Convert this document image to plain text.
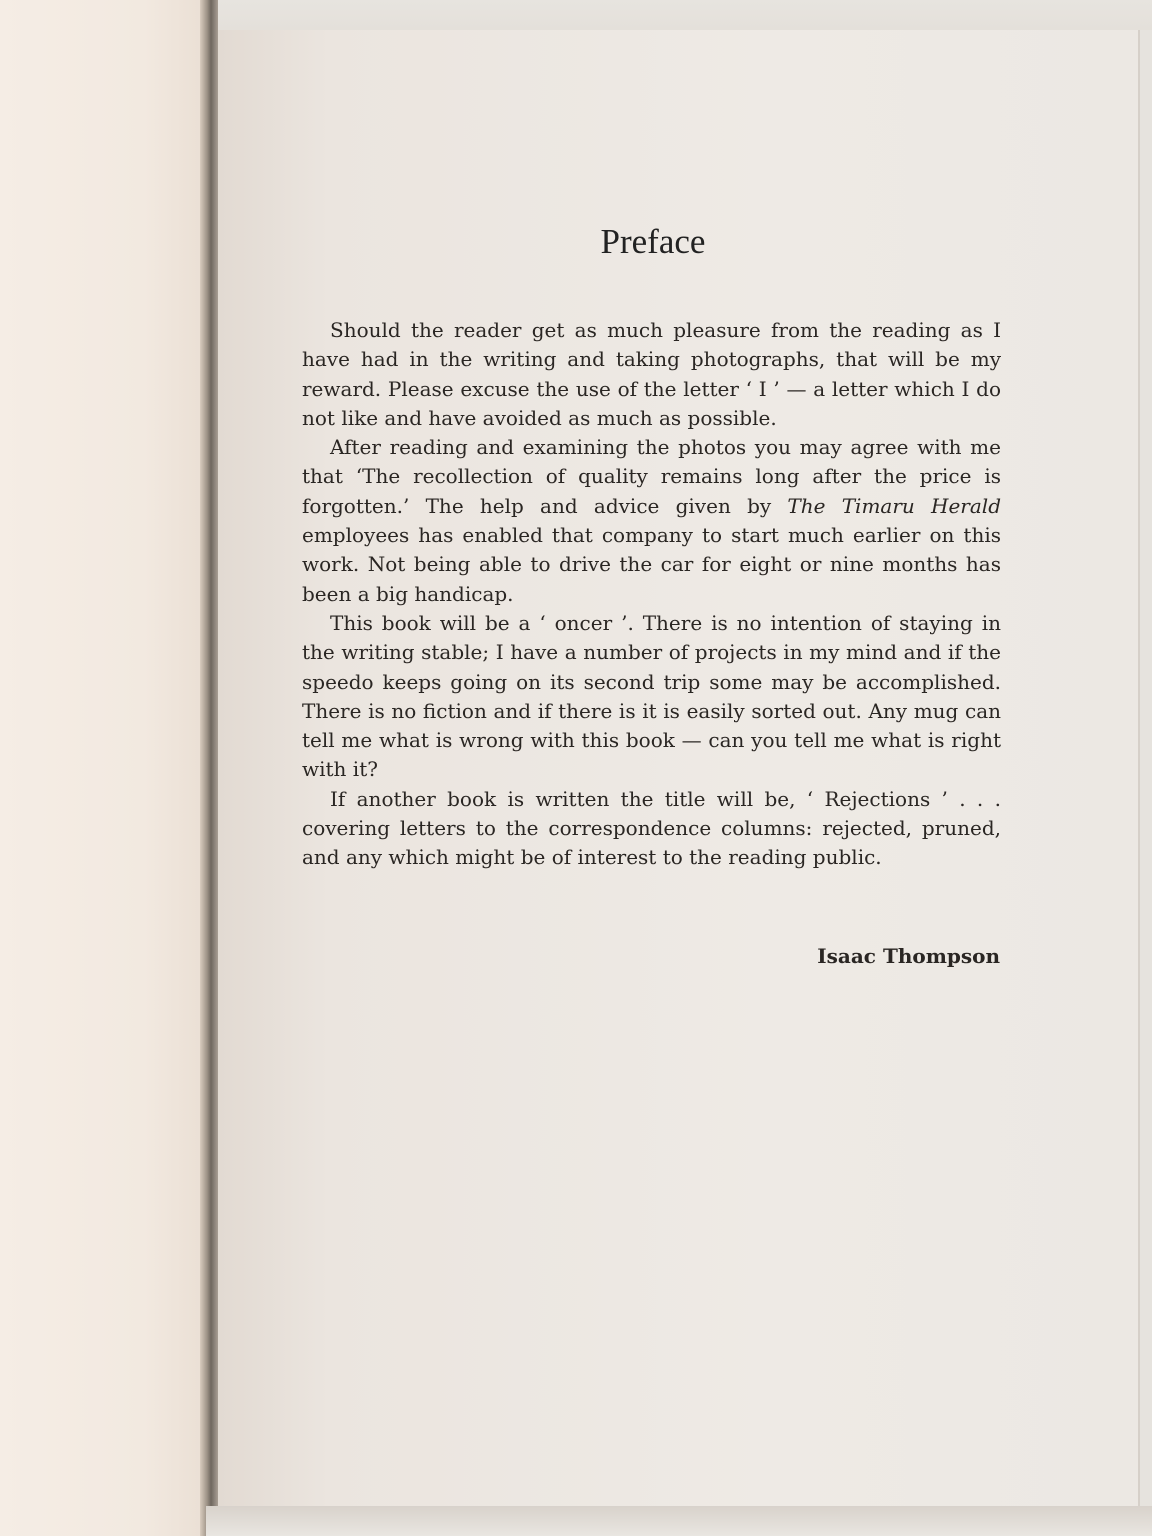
Preface

Should the reader get as much pleasure from the reading as I have had in the writing and taking photographs, that will be my reward. Please excuse the use of the letter ‘ I ’ — a letter which I do not like and have avoided as much as possible.

After reading and examining the photos you may agree with me that ‘The recollection of quality remains long after the price is forgotten.’ The help and advice given by The Timaru Herald employees has enabled that company to start much earlier on this work. Not being able to drive the car for eight or nine months has been a big handicap.

This book will be a ‘ oncer ’. There is no intention of staying in the writing stable; I have a number of projects in my mind and if the speedo keeps going on its second trip some may be accomplished. There is no fiction and if there is it is easily sorted out. Any mug can tell me what is wrong with this book — can you tell me what is right with it?

If another book is written the title will be, ‘ Rejections ’ . . . covering letters to the correspondence columns: rejected, pruned, and any which might be of interest to the reading public.

Isaac Thompson
